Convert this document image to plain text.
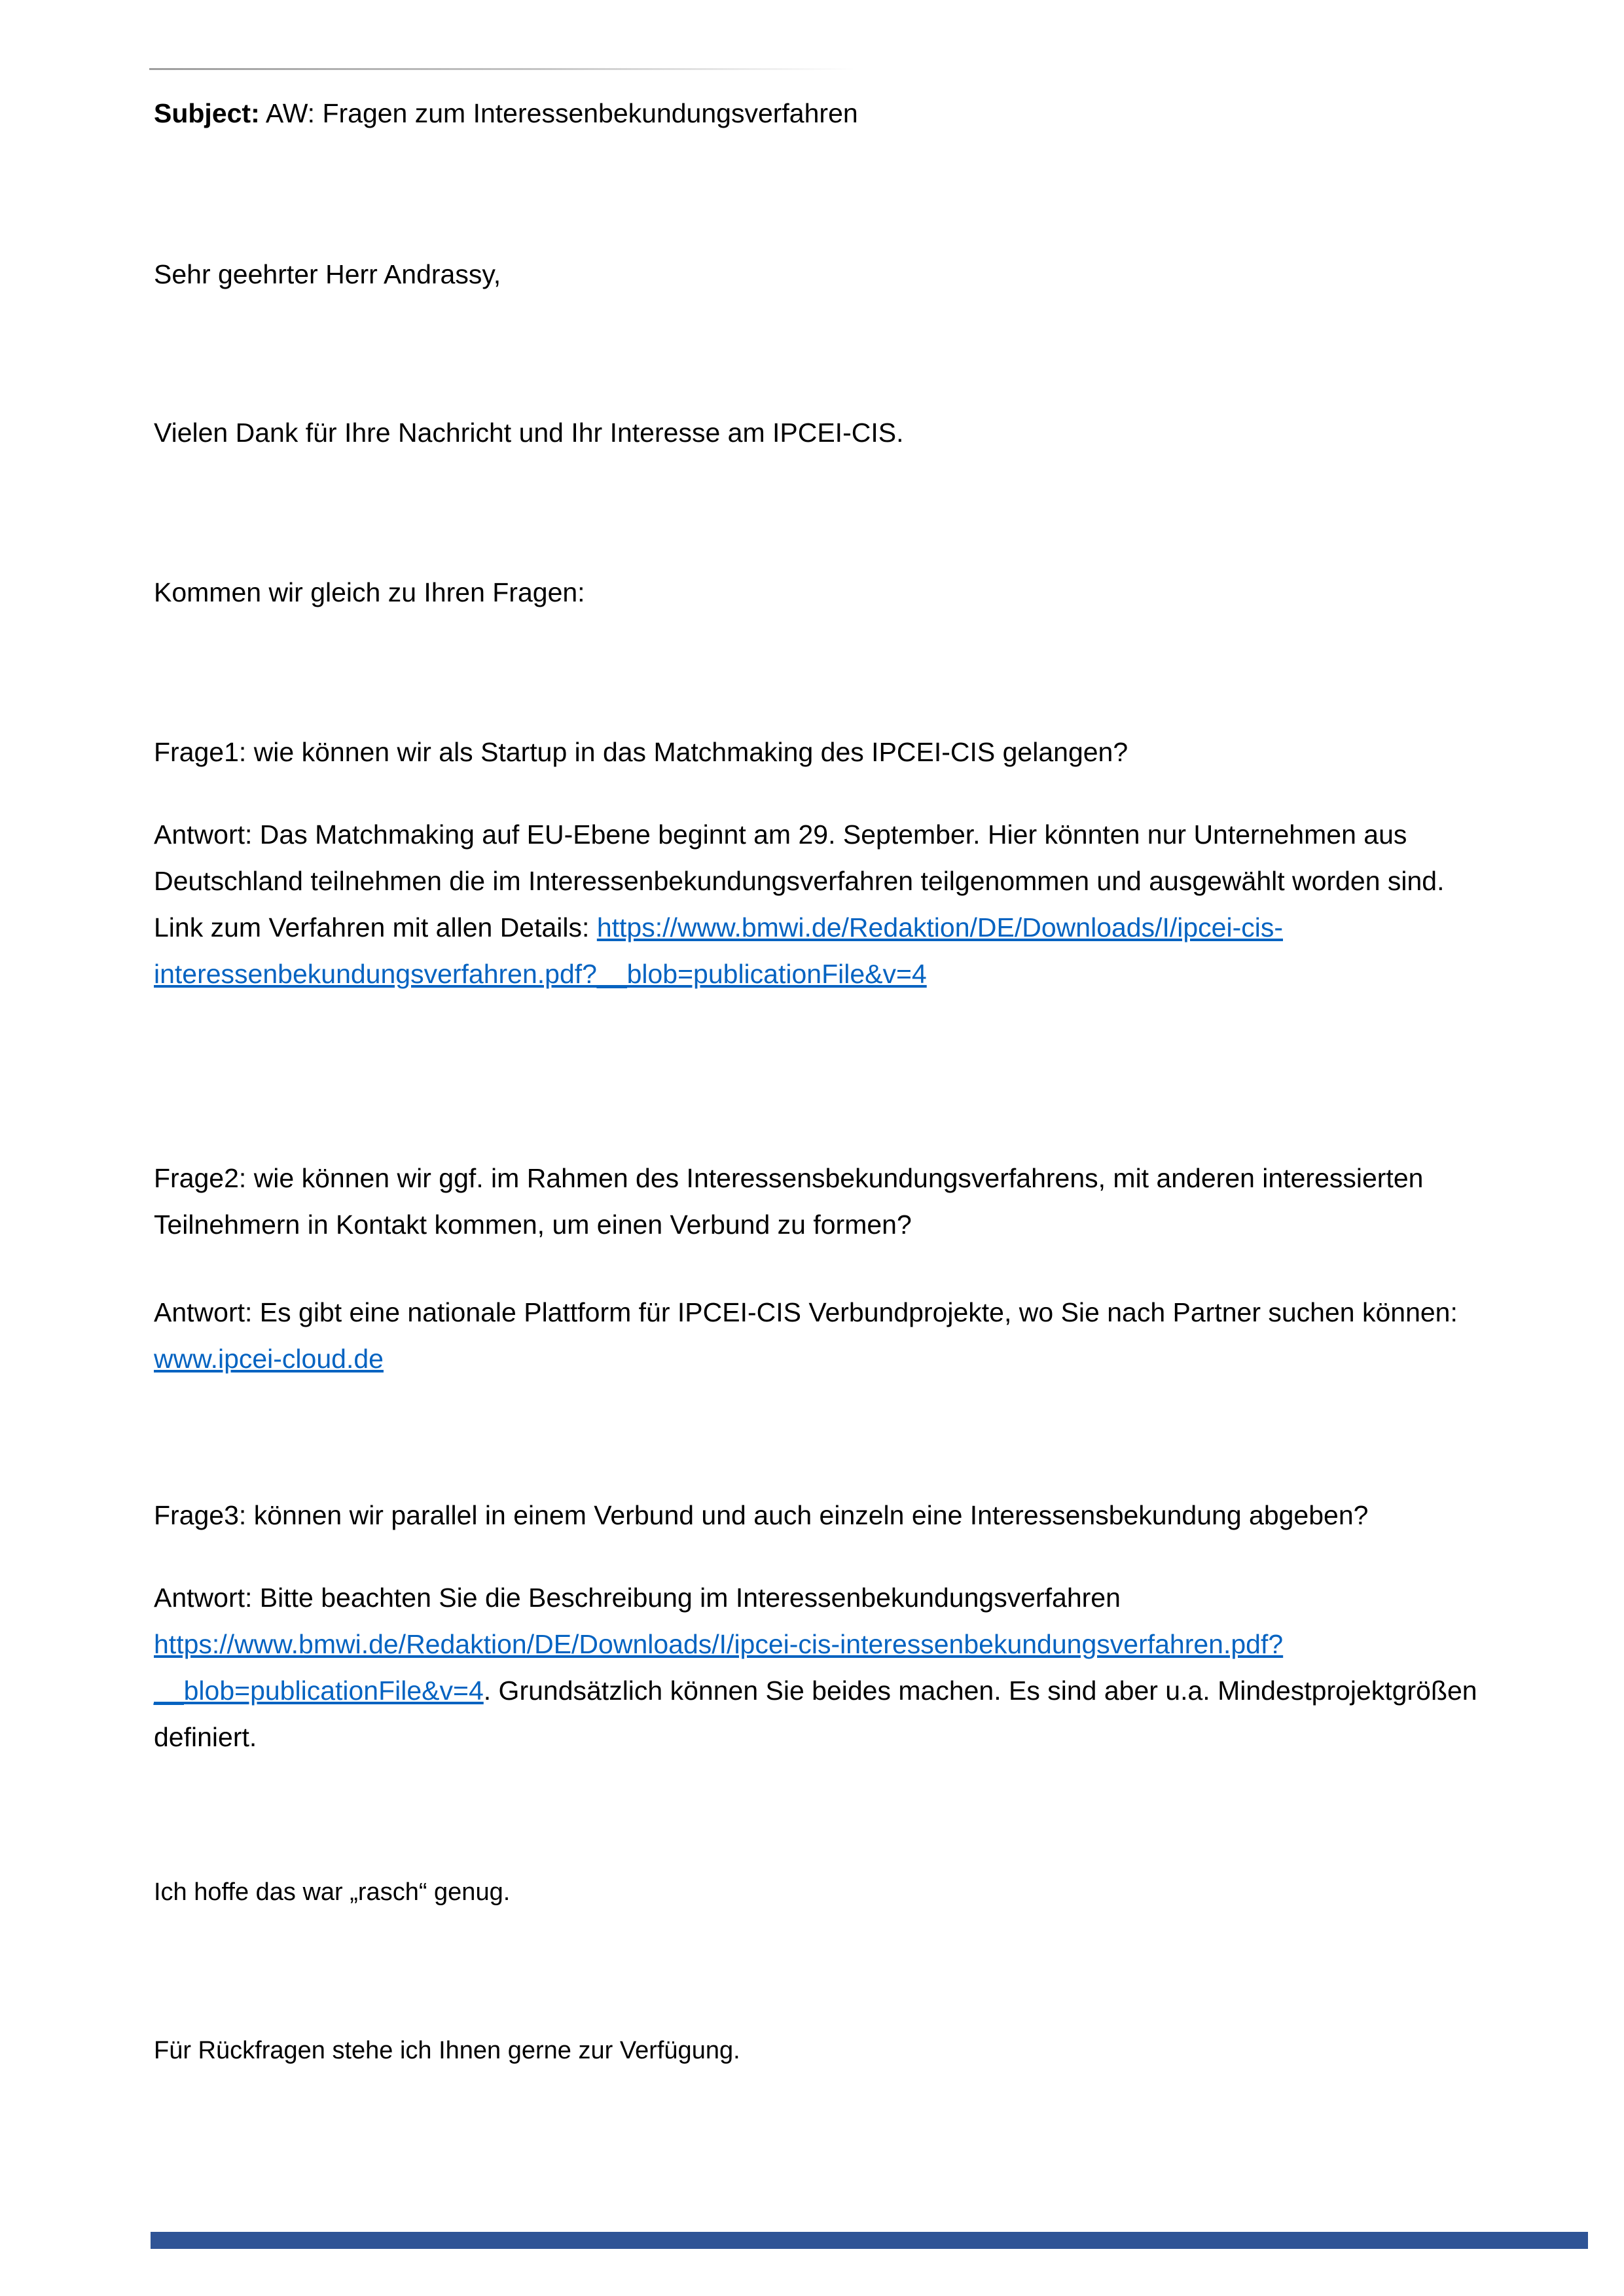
Subject: AW: Fragen zum Interessenbekundungsverfahren

Sehr geehrter Herr Andrassy,

Vielen Dank für Ihre Nachricht und Ihr Interesse am IPCEI-CIS.

Kommen wir gleich zu Ihren Fragen:

Frage1: wie können wir als Startup in das Matchmaking des IPCEI-CIS gelangen?

Antwort: Das Matchmaking auf EU-Ebene beginnt am 29. September. Hier könnten nur Unternehmen aus Deutschland teilnehmen die im Interessenbekundungsverfahren teilgenommen und ausgewählt worden sind. Link zum Verfahren mit allen Details: https://www.bmwi.de/Redaktion/DE/Downloads/I/ipcei-cis-interessenbekundungsverfahren.pdf?__blob=publicationFile&v=4

Frage2: wie können wir ggf. im Rahmen des Interessensbekundungsverfahrens, mit anderen interessierten Teilnehmern in Kontakt kommen, um einen Verbund zu formen?

Antwort: Es gibt eine nationale Plattform für IPCEI-CIS Verbundprojekte, wo Sie nach Partner suchen können: www.ipcei-cloud.de

Frage3: können wir parallel in einem Verbund und auch einzeln eine Interessensbekundung abgeben?

Antwort: Bitte beachten Sie die Beschreibung im Interessenbekundungsverfahren https://www.bmwi.de/Redaktion/DE/Downloads/I/ipcei-cis-interessenbekundungsverfahren.pdf?__blob=publicationFile&v=4. Grundsätzlich können Sie beides machen. Es sind aber u.a. Mindestprojektgrößen definiert.

Ich hoffe das war „rasch“ genug.

Für Rückfragen stehe ich Ihnen gerne zur Verfügung.
